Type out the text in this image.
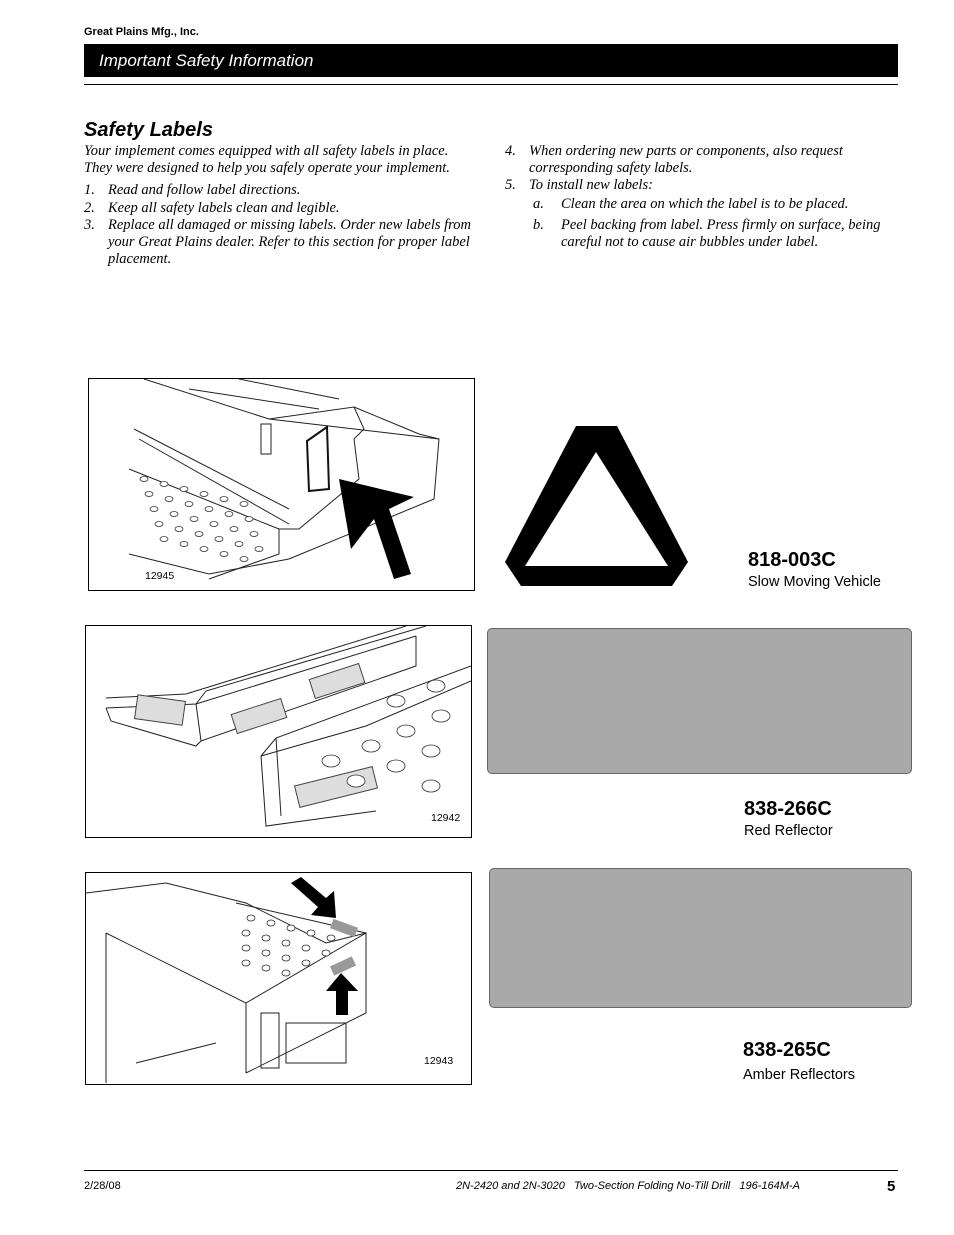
Great Plains Mfg., Inc.
Important Safety Information
Safety Labels

Your implement comes equipped with all safety labels in place. They were designed to help you safely operate your implement.

1. Read and follow label directions.
2. Keep all safety labels clean and legible.
3. Replace all damaged or missing labels. Order new labels from your Great Plains dealer. Refer to this section for proper label placement.
4. When ordering new parts or components, also request corresponding safety labels.
5. To install new labels:
a.	Clean the area on which the label is to be placed.
b.	Peel backing from label. Press firmly on surface, being careful not to cause air bubbles under label.
12945
818-003C
Slow Moving Vehicle
12942	838-266C
Red Reflector
12943	838-265C
Amber Reflectors
2/28/08	2N-2420 and 2N-3020   Two-Section Folding No-Till Drill   196-164M-A	5
